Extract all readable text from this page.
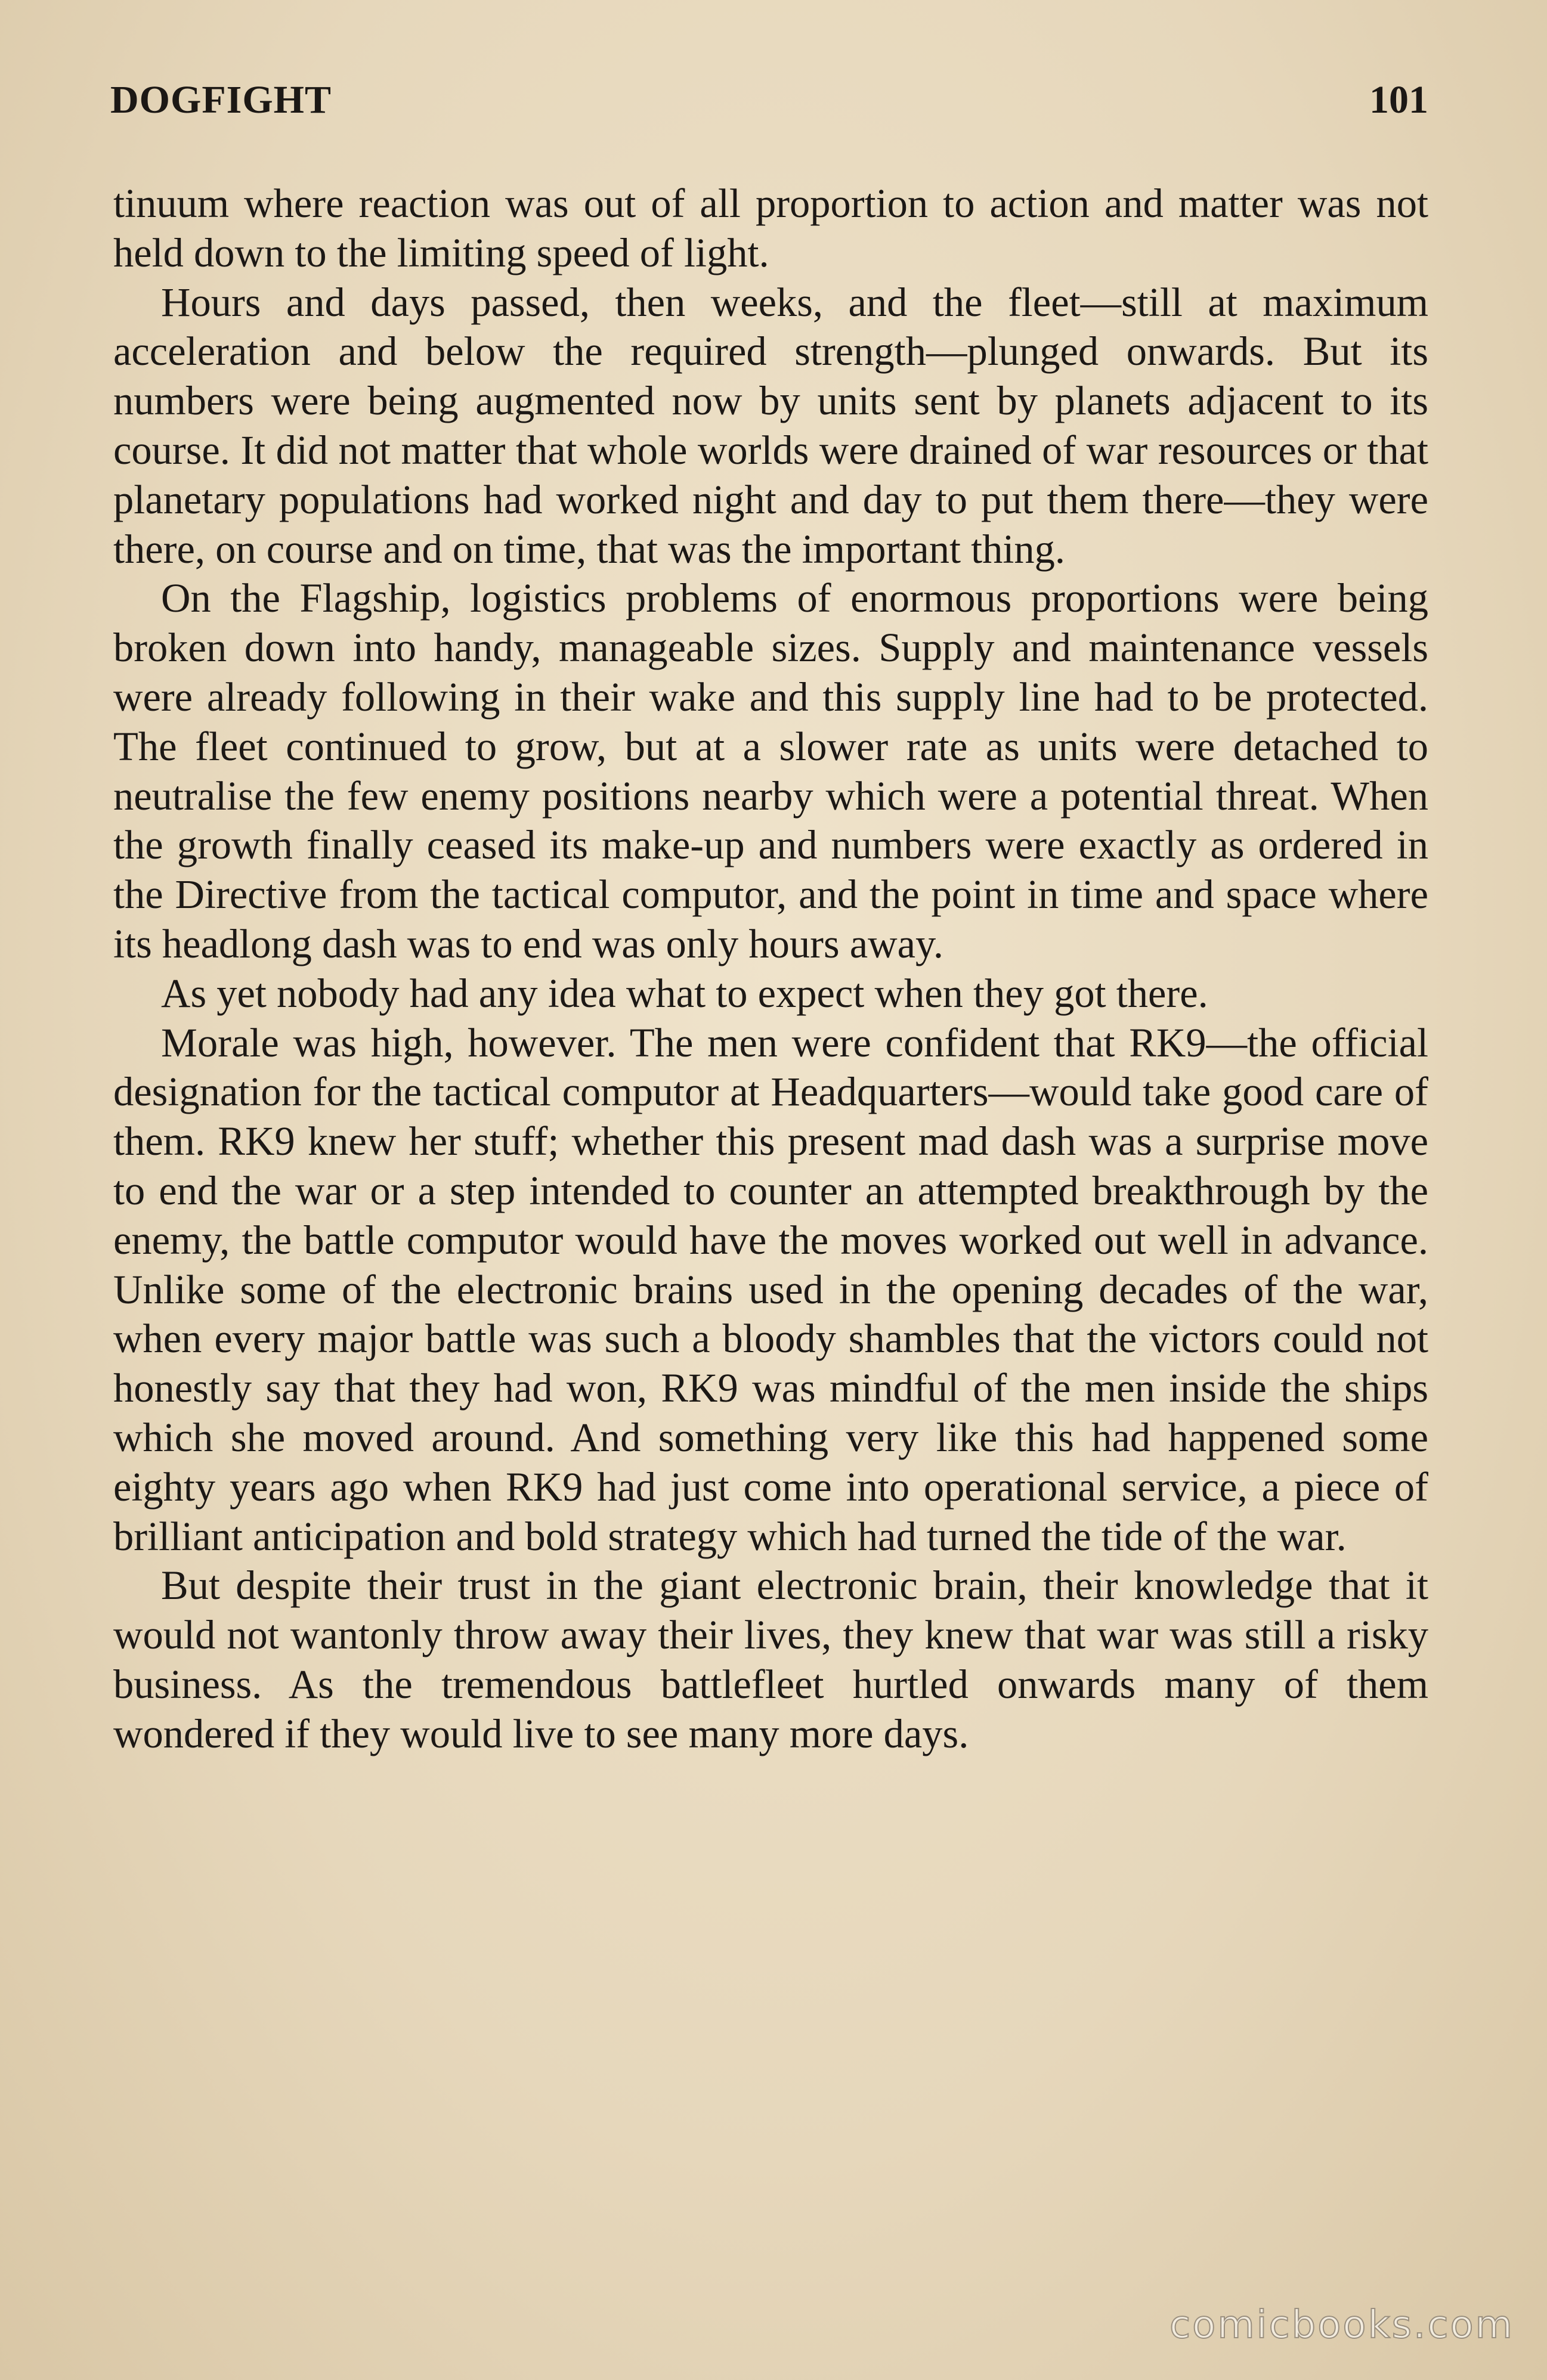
DOGFIGHT	101

tinuum where reaction was out of all proportion to action and matter was not held down to the limiting speed of light.

Hours and days passed, then weeks, and the fleet—still at maximum acceleration and below the required strength—plunged onwards. But its numbers were being augmented now by units sent by planets adjacent to its course. It did not matter that whole worlds were drained of war resources or that planetary populations had worked night and day to put them there—they were there, on course and on time, that was the important thing.

On the Flagship, logistics problems of enormous proportions were being broken down into handy, manageable sizes. Supply and maintenance vessels were already following in their wake and this supply line had to be protected. The fleet continued to grow, but at a slower rate as units were detached to neutralise the few enemy positions nearby which were a potential threat. When the growth finally ceased its make-up and numbers were exactly as ordered in the Directive from the tactical computor, and the point in time and space where its headlong dash was to end was only hours away.

As yet nobody had any idea what to expect when they got there.

Morale was high, however. The men were confident that RK9—the official designation for the tactical computor at Headquarters—would take good care of them. RK9 knew her stuff; whether this present mad dash was a surprise move to end the war or a step intended to counter an attempted breakthrough by the enemy, the battle computor would have the moves worked out well in advance. Unlike some of the electronic brains used in the opening decades of the war, when every major battle was such a bloody shambles that the victors could not honestly say that they had won, RK9 was mindful of the men inside the ships which she moved around. And something very like this had happened some eighty years ago when RK9 had just come into operational service, a piece of brilliant anticipation and bold strategy which had turned the tide of the war.

But despite their trust in the giant electronic brain, their knowledge that it would not wantonly throw away their lives, they knew that war was still a risky business. As the tremendous battlefleet hurtled onwards many of them wondered if they would live to see many more days.

comicbooks.com
